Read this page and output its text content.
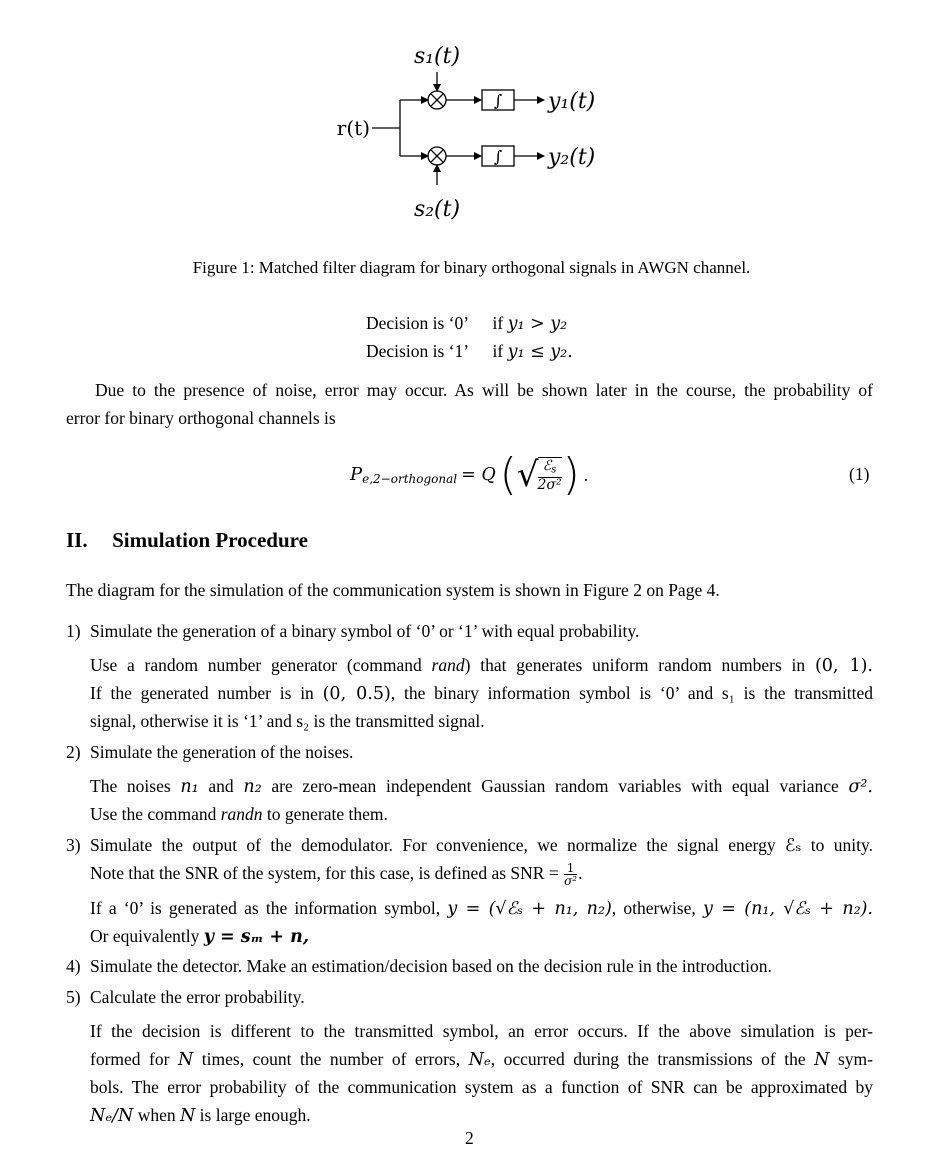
r(t)
s₁(t)
s₂(t)
y₁(t)
y₂(t)
∫
∫
Figure 1: Matched filter diagram for binary orthogonal signals in AWGN channel.
Decision is ‘0’ if y₁ > y₂
Decision is ‘1’ if y₁ ≤ y₂.
Due to the presence of noise, error may occur. As will be shown later in the course, the probability of
error for binary orthogonal channels is
$P_{e,2-orthogonal} = Q$ ( √ $\frac{ℰ_s}{\text{2σ²}}$ ) .	(1)
II. Simulation Procedure
The diagram for the simulation of the communication system is shown in Figure 2 on Page 4.
1) Simulate the generation of a binary symbol of ‘0’ or ‘1’ with equal probability.
Use a random number generator (command rand) that generates uniform random numbers in (0, 1).
If the generated number is in (0, 0.5), the binary information symbol is ‘0’ and s₁ is the transmitted
signal, otherwise it is ‘1’ and s₂ is the transmitted signal.
2) Simulate the generation of the noises.
The noises n₁ and n₂ are zero-mean independent Gaussian random variables with equal variance σ².
Use the command randn to generate them.
3) Simulate the output of the demodulator. For convenience, we normalize the signal energy ℰₛ to unity.
Note that the SNR of the system, for this case, is defined as SNR = $\frac{1}{\text{σ²}}$ .
If a ‘0’ is generated as the information symbol, y = (√ℰₛ + n₁, n₂), otherwise, y = (n₁, √ℰₛ + n₂).
Or equivalently y = sₘ + n,
4) Simulate the detector. Make an estimation/decision based on the decision rule in the introduction.
5) Calculate the error probability.
If the decision is different to the transmitted symbol, an error occurs. If the above simulation is per-
formed for N times, count the number of errors, Nₑ, occurred during the transmissions of the N sym-
bols. The error probability of the communication system as a function of SNR can be approximated by
Nₑ/N when N is large enough.
2
